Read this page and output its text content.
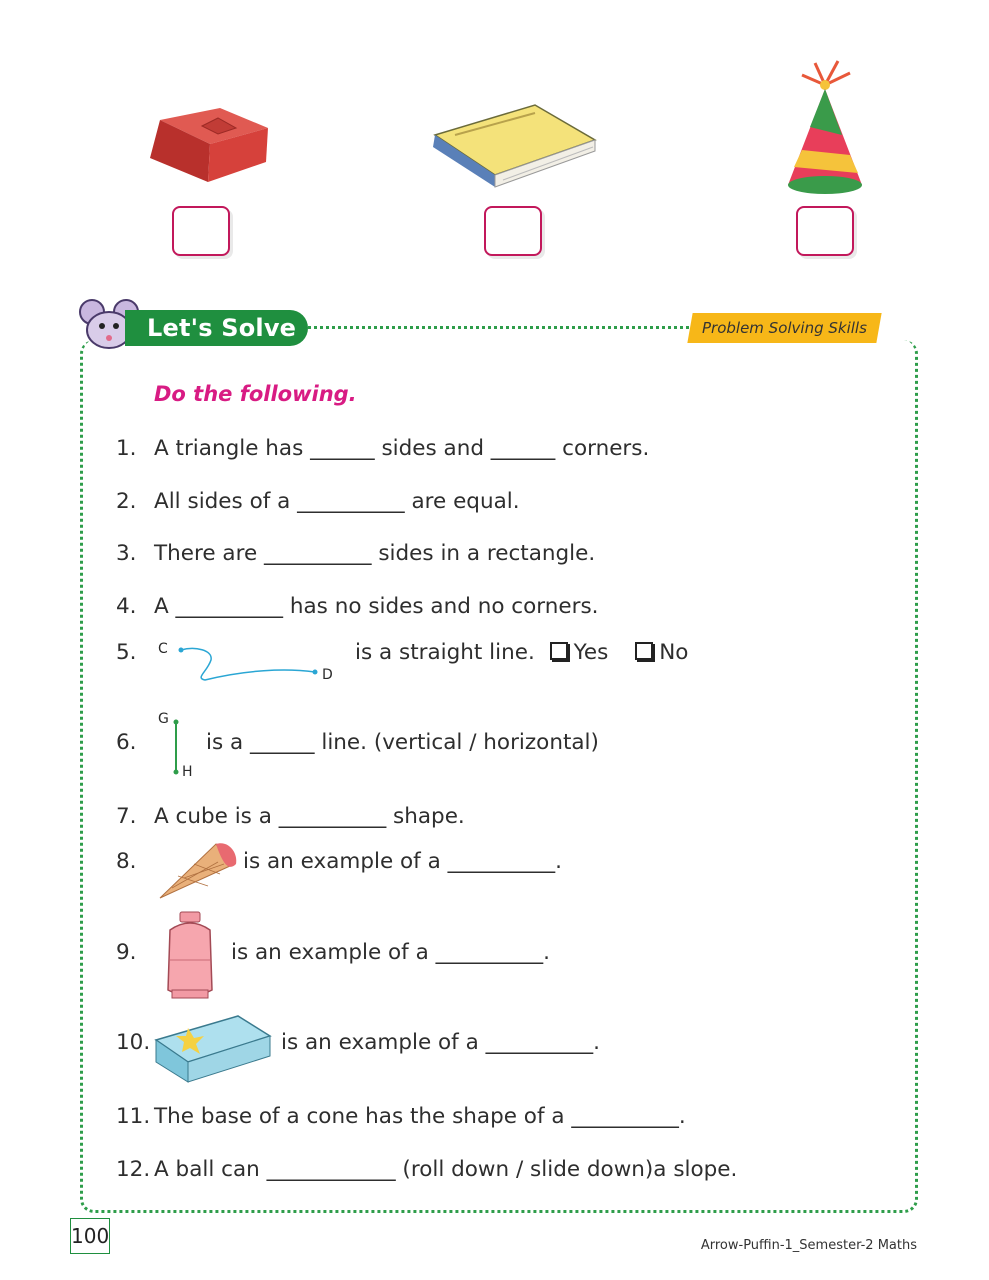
Let's Solve	Problem Solving Skills
Do the following.
1. A triangle has ______ sides and ______ corners.
2. All sides of a __________ are equal.
3. There are __________ sides in a rectangle.
4. A __________ has no sides and no corners.
5.	is a straight line. Yes No
C
D
6.	is a ______ line. (vertical / horizontal)
G
H
7. A cube is a __________ shape.
8.	is an example of a __________.
9.	is an example of a __________.
10.	is an example of a __________.
11. The base of a cone has the shape of a __________.
12. A ball can ____________ (roll down / slide down)a slope.
100	Arrow-Puffin-1_Semester-2 Maths
